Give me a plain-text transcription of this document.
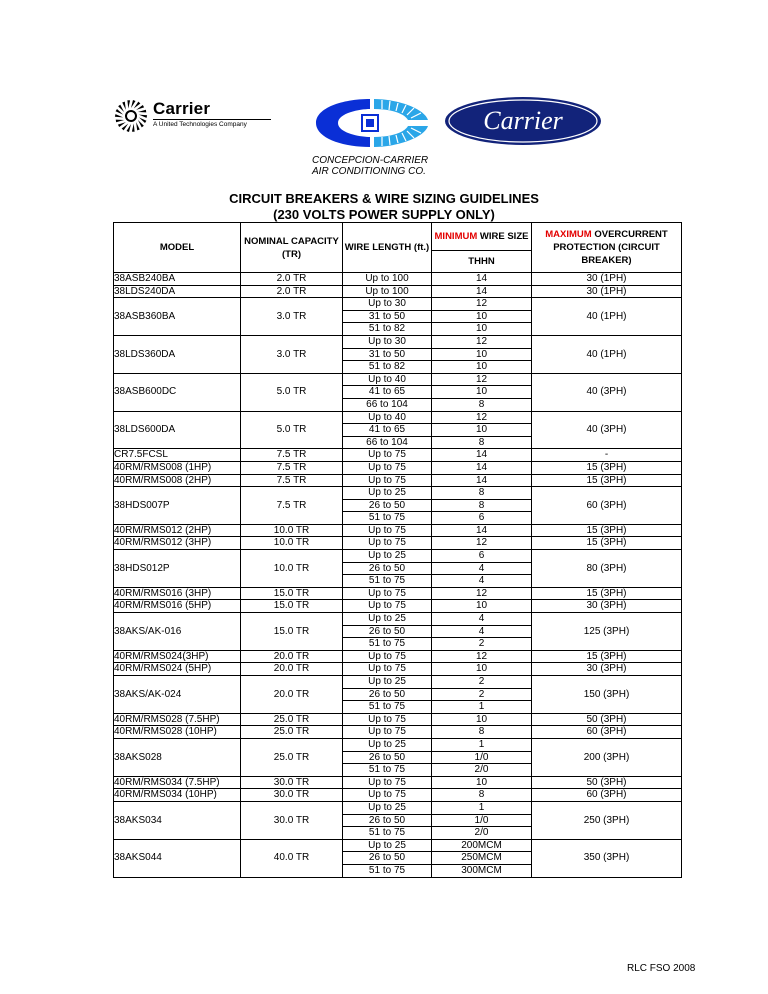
Carrier
A United Technologies Company	Carrier
CONCEPCION-CARRIER
AIR CONDITIONING CO.
CIRCUIT BREAKERS & WIRE SIZING GUIDELINES
(230 VOLTS POWER SUPPLY ONLY)
MODEL	NOMINAL CAPACITY (TR)	WIRE LENGTH (ft.)	MINIMUM WIRE SIZE	MAXIMUM OVERCURRENT PROTECTION (CIRCUIT BREAKER)
			THHN	
38ASB240BA	2.0 TR	Up to 100	14	30 (1PH)
38LDS240DA	2.0 TR	Up to 100	14	30 (1PH)
38ASB360BA	3.0 TR	Up to 30	12	40 (1PH)
		31 to 50	10	
		51 to 82	10	
38LDS360DA	3.0 TR	Up to 30	12	40 (1PH)
		31 to 50	10	
		51 to 82	10	
38ASB600DC	5.0 TR	Up to 40	12	40 (3PH)
		41 to 65	10	
		66 to 104	8	
38LDS600DA	5.0 TR	Up to 40	12	40 (3PH)
		41 to 65	10	
		66 to 104	8	
CR7.5FCSL	7.5 TR	Up to 75	14	-
40RM/RMS008 (1HP)	7.5 TR	Up to 75	14	15 (3PH)
40RM/RMS008 (2HP)	7.5 TR	Up to 75	14	15 (3PH)
38HDS007P	7.5 TR	Up to 25	8	60 (3PH)
		26 to 50	8	
		51 to 75	6	
40RM/RMS012 (2HP)	10.0 TR	Up to 75	14	15 (3PH)
40RM/RMS012 (3HP)	10.0 TR	Up to 75	12	15 (3PH)
38HDS012P	10.0 TR	Up to 25	6	80 (3PH)
		26 to 50	4	
		51 to 75	4	
40RM/RMS016 (3HP)	15.0 TR	Up to 75	12	15 (3PH)
40RM/RMS016 (5HP)	15.0 TR	Up to 75	10	30 (3PH)
38AKS/AK-016	15.0 TR	Up to 25	4	125 (3PH)
		26 to 50	4	
		51 to 75	2	
40RM/RMS024(3HP)	20.0 TR	Up to 75	12	15 (3PH)
40RM/RMS024 (5HP)	20.0 TR	Up to 75	10	30 (3PH)
38AKS/AK-024	20.0 TR	Up to 25	2	150 (3PH)
		26 to 50	2	
		51 to 75	1	
40RM/RMS028 (7.5HP)	25.0 TR	Up to 75	10	50 (3PH)
40RM/RMS028 (10HP)	25.0 TR	Up to 75	8	60 (3PH)
38AKS028	25.0 TR	Up to 25	1	200 (3PH)
		26 to 50	1/0	
		51 to 75	2/0	
40RM/RMS034 (7.5HP)	30.0 TR	Up to 75	10	50 (3PH)
40RM/RMS034 (10HP)	30.0 TR	Up to 75	8	60 (3PH)
38AKS034	30.0 TR	Up to 25	1	250 (3PH)
		26 to 50	1/0	
		51 to 75	2/0	
38AKS044	40.0 TR	Up to 25	200MCM	350 (3PH)
		26 to 50	250MCM	
		51 to 75	300MCM	
RLC FSO 2008
